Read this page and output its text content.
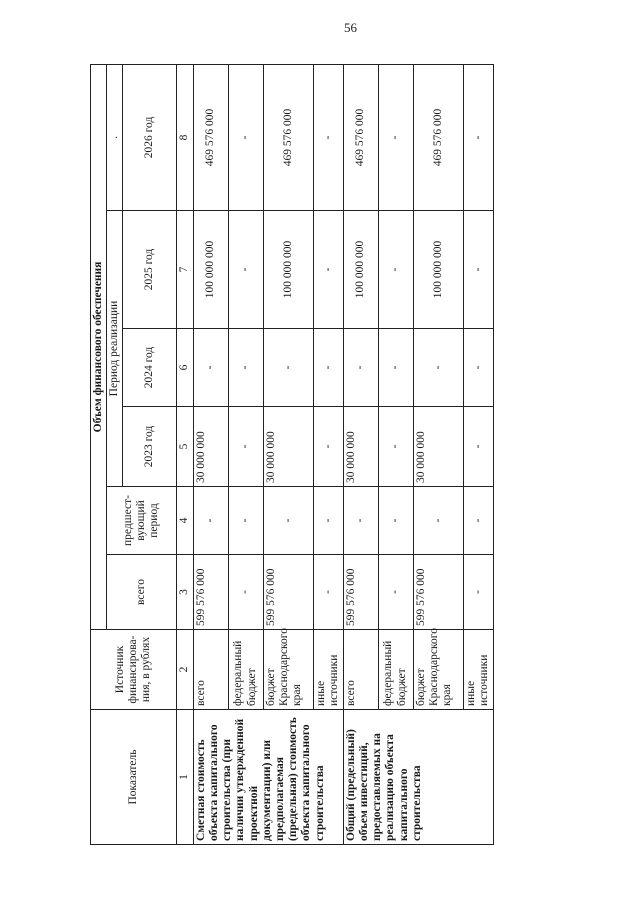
56
Показатель	Источник финансирова-ния, в рублях	Объем финансового обеспечения					
		всего	предшест-вующий период	Период реализации			.
				2023 год	2024 год	2025 год	2026 год
1	2	3	4	5	6	7	8
Сметная стоимость объекта капитального строительства (при наличии утвержденной проектной документации) или предполагаемая (предельная) стоимость объекта капитального строительства	всего	599 576 000	-	30 000 000	-	100 000 000	469 576 000
	федеральный бюджет	-	-	-	-	-	-
	бюджет Краснодарского края	599 576 000	-	30 000 000	-	100 000 000	469 576 000
	иные источники	-	-	-	-	-	-
Общий (предельный) объем инвестиций, предоставляемых на реализацию объекта капитального строительства	всего	599 576 000	-	30 000 000	-	100 000 000	469 576 000
	федеральный бюджет	-	-	-	-	-	-
	бюджет Краснодарского края	599 576 000	-	30 000 000	-	100 000 000	469 576 000
	иные источники	-	-	-	-	-	-
